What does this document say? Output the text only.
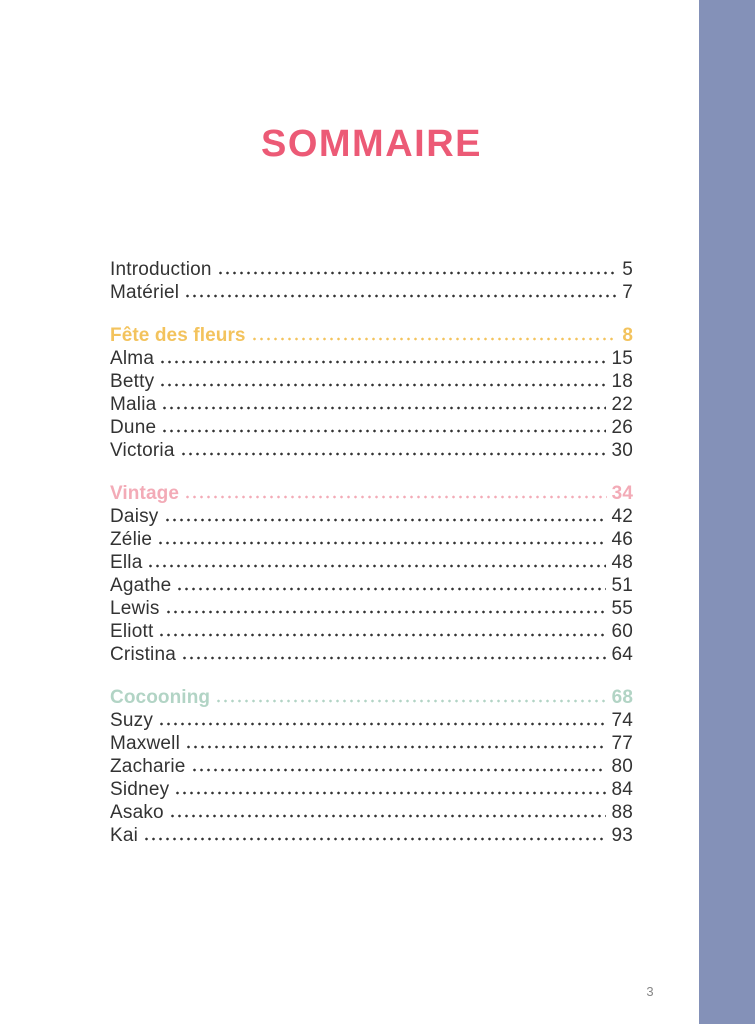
SOMMAIRE
Introduction	5
Matériel	7
Fête des fleurs	8
Alma	15
Betty	18
Malia	22
Dune	26
Victoria	30
Vintage	34
Daisy	42
Zélie	46
Ella	48
Agathe	51
Lewis	55
Eliott	60
Cristina	64
Cocooning	68
Suzy	74
Maxwell	77
Zacharie	80
Sidney	84
Asako	88
Kai	93
3
